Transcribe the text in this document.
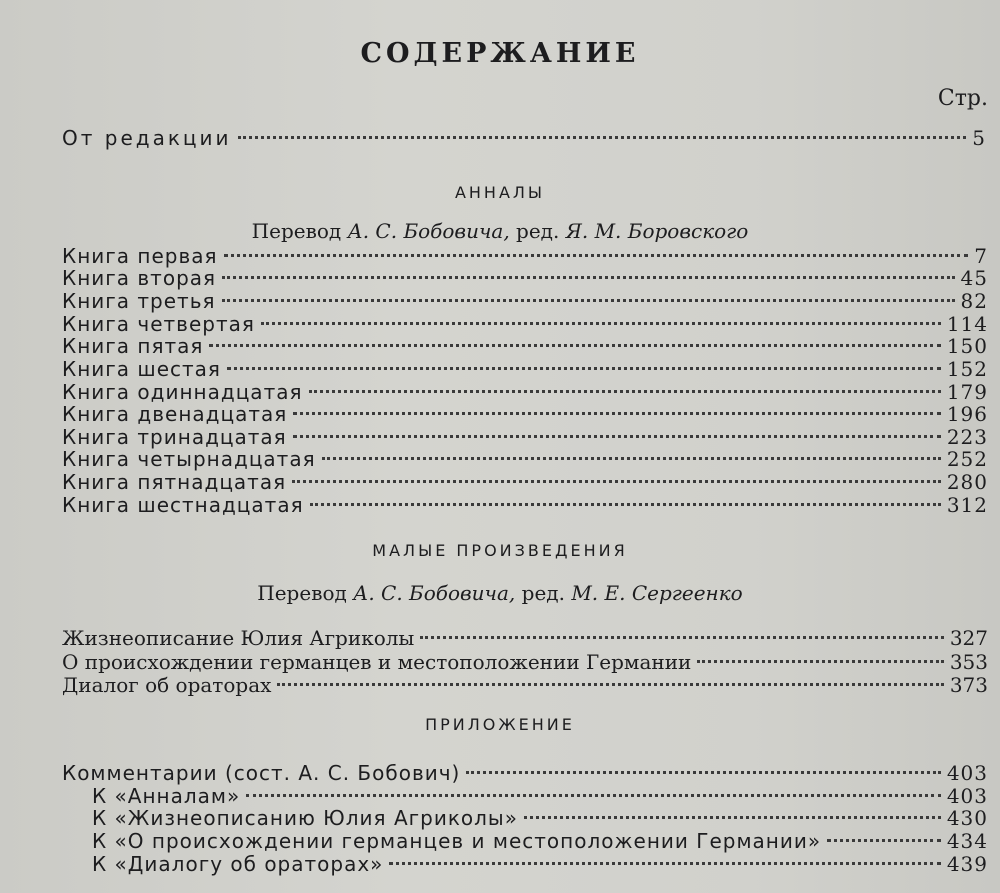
СОДЕРЖАНИЕ
Стр.
От редакции	5
АННАЛЫ
Перевод А. С. Бобовича, ред. Я. М. Боровского
Книга первая	7
Книга вторая	45
Книга третья	82
Книга четвертая	114
Книга пятая	150
Книга шестая	152
Книга одиннадцатая	179
Книга двенадцатая	196
Книга тринадцатая	223
Книга четырнадцатая	252
Книга пятнадцатая	280
Книга шестнадцатая	312
МАЛЫЕ ПРОИЗВЕДЕНИЯ
Перевод А. С. Бобовича, ред. М. Е. Сергеенко
Жизнеописание Юлия Агриколы	327
О происхождении германцев и местоположении Германии	353
Диалог об ораторах	373
ПРИЛОЖЕНИЕ
Комментарии (сост. А. С. Бобович)	403
К «Анналам»	403
К «Жизнеописанию Юлия Агриколы»	430
К «О происхождении германцев и местоположении Германии»	434
К «Диалогу об ораторах»	439
